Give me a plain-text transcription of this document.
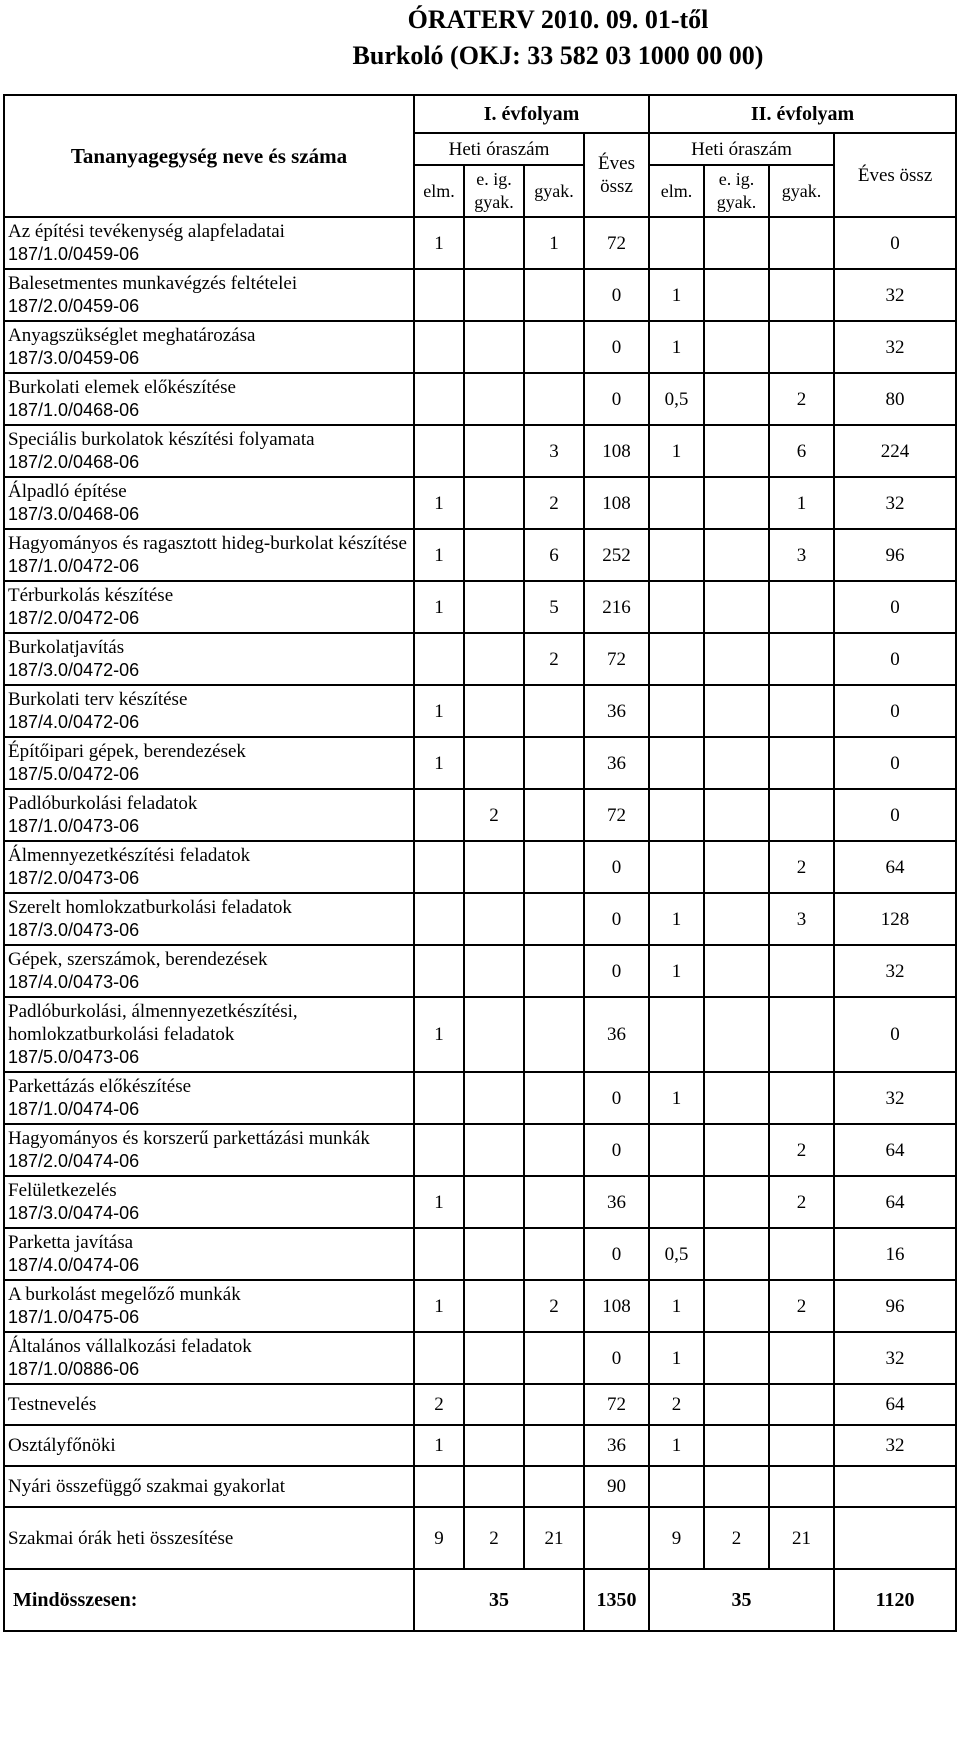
ÓRATERV 2010. 09. 01-től
Burkoló (OKJ: 33 582 03 1000 00 00)
Tananyagegység neve és száma	I. évfolyam				II. évfolyam			
	Heti óraszám			Éves össz	Heti óraszám			Éves össz
	elm.	e. ig. gyak.	gyak.		elm.	e. ig. gyak.	gyak.	

Az építési tevékenység alapfeladatai
187/1.0/0459-06	1		1	72				0

Balesetmentes munkavégzés feltételei
187/2.0/0459-06				0	1			32

Anyagszükséglet meghatározása
187/3.0/0459-06				0	1			32

Burkolati elemek előkészítése
187/1.0/0468-06				0	0,5		2	80

Speciális burkolatok készítési folyamata
187/2.0/0468-06			3	108	1		6	224

Álpadló építése
187/3.0/0468-06	1		2	108			1	32

Hagyományos és ragasztott hideg-burkolat készítése
187/1.0/0472-06	1		6	252			3	96

Térburkolás készítése
187/2.0/0472-06	1		5	216				0

Burkolatjavítás
187/3.0/0472-06			2	72				0

Burkolati terv készítése
187/4.0/0472-06	1			36				0

Építőipari gépek, berendezések
187/5.0/0472-06	1			36				0

Padlóburkolási feladatok
187/1.0/0473-06		2		72				0

Álmennyezetkészítési feladatok
187/2.0/0473-06				0			2	64

Szerelt homlokzatburkolási feladatok
187/3.0/0473-06				0	1		3	128

Gépek, szerszámok, berendezések
187/4.0/0473-06				0	1			32

Padlóburkolási, álmennyezetkészítési, homlokzatburkolási feladatok
187/5.0/0473-06	1			36				0

Parkettázás előkészítése
187/1.0/0474-06				0	1			32

Hagyományos és korszerű parkettázási munkák
187/2.0/0474-06				0			2	64

Felületkezelés
187/3.0/0474-06	1			36			2	64

Parketta javítása
187/4.0/0474-06				0	0,5			16

A burkolást megelőző munkák
187/1.0/0475-06	1		2	108	1		2	96

Általános vállalkozási feladatok
187/1.0/0886-06				0	1			32
Testnevelés	2			72	2			64
Osztályfőnöki	1			36	1			32
Nyári összefüggő szakmai gyakorlat				90				
Szakmai órák heti összesítése	9	2	21		9	2	21	
Mindösszesen:	35			1350	35			1120
